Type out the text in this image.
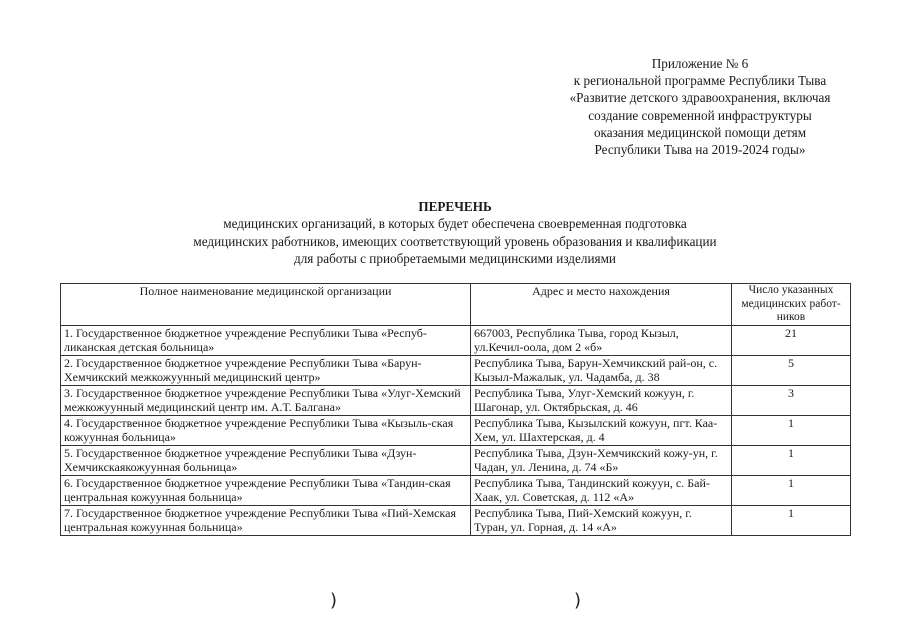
Приложение № 6
к региональной программе Республики Тыва
«Развитие детского здравоохранения, включая
создание современной инфраструктуры
оказания медицинской помощи детям
Республики Тыва на 2019-2024 годы»
ПЕРЕЧЕНЬ
медицинских организаций, в которых будет обеспечена своевременная подготовка
медицинских работников, имеющих соответствующий уровень образования и квалификации
для работы с приобретаемыми медицинскими изделиями
Полное наименование медицинской организации	Адрес и место нахождения	Число указанных медицинских работ-ников
1. Государственное бюджетное учреждение Республики Тыва «Респуб-ликанская детская больница»	667003, Республика Тыва, город Кызыл, ул.Кечил-оола, дом 2 «б»	21
2. Государственное бюджетное учреждение Республики Тыва «Барун-Хемчикский межкожуунный медицинский центр»	Республика Тыва, Барун-Хемчикский рай-он, с. Кызыл-Мажалык, ул. Чадамба, д. 38	5
3. Государственное бюджетное учреждение Республики Тыва «Улуг-Хемский межкожуунный медицинский центр им. А.Т. Балгана»	Республика Тыва, Улуг-Хемский кожуун, г. Шагонар, ул. Октябрьская, д. 46	3
4. Государственное бюджетное учреждение Республики Тыва «Кызыль-ская кожуунная больница»	Республика Тыва, Кызылский кожуун, пгт. Каа-Хем, ул. Шахтерская, д. 4	1
5. Государственное бюджетное учреждение Республики Тыва «Дзун-Хемчикскаякожуунная больница»	Республика Тыва, Дзун-Хемчикский кожу-ун, г. Чадан, ул. Ленина, д. 74 «Б»	1
6. Государственное бюджетное учреждение Республики Тыва «Тандин-ская центральная кожуунная больница»	Республика Тыва, Тандинский кожуун, с. Бай-Хаак, ул. Советская, д. 112 «А»	1
7. Государственное бюджетное учреждение Республики Тыва «Пий-Хемская центральная кожуунная больница»	Республика Тыва, Пий-Хемский кожуун, г. Туран, ул. Горная, д. 14 «А»	1
)	)
